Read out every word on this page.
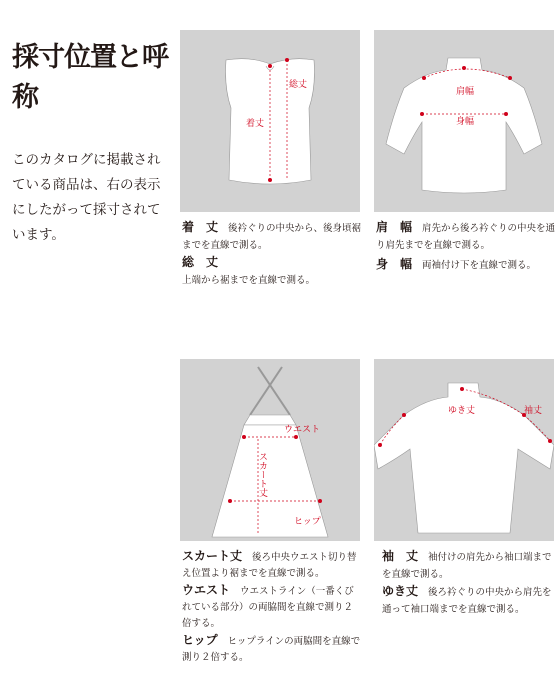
採寸位置と呼称
このカタログに掲載されている商品は、右の表示にしたがって採寸されています。
総丈
着丈

着　丈 後衿ぐりの中央から、後身頃裾までを直線で測る。

総　丈

上端から裾までを直線で測る。

肩幅
身幅

肩　幅 肩先から後ろ衿ぐりの中央を通り肩先までを直線で測る。

身　幅 両袖付け下を直線で測る。

ウエスト
スカート丈
ヒップ

スカート丈 後ろ中央ウエスト切り替え位置より裾までを直線で測る。

ウエスト ウエストライン（一番くびれている部分）の両脇間を直線で測り２倍する。

ヒップ ヒップラインの両脇間を直線で測り２倍する。

ゆき丈	袖丈

袖　丈 袖付けの肩先から袖口端までを直線で測る。

ゆき丈 後ろ衿ぐりの中央から肩先を通って袖口端までを直線で測る。
